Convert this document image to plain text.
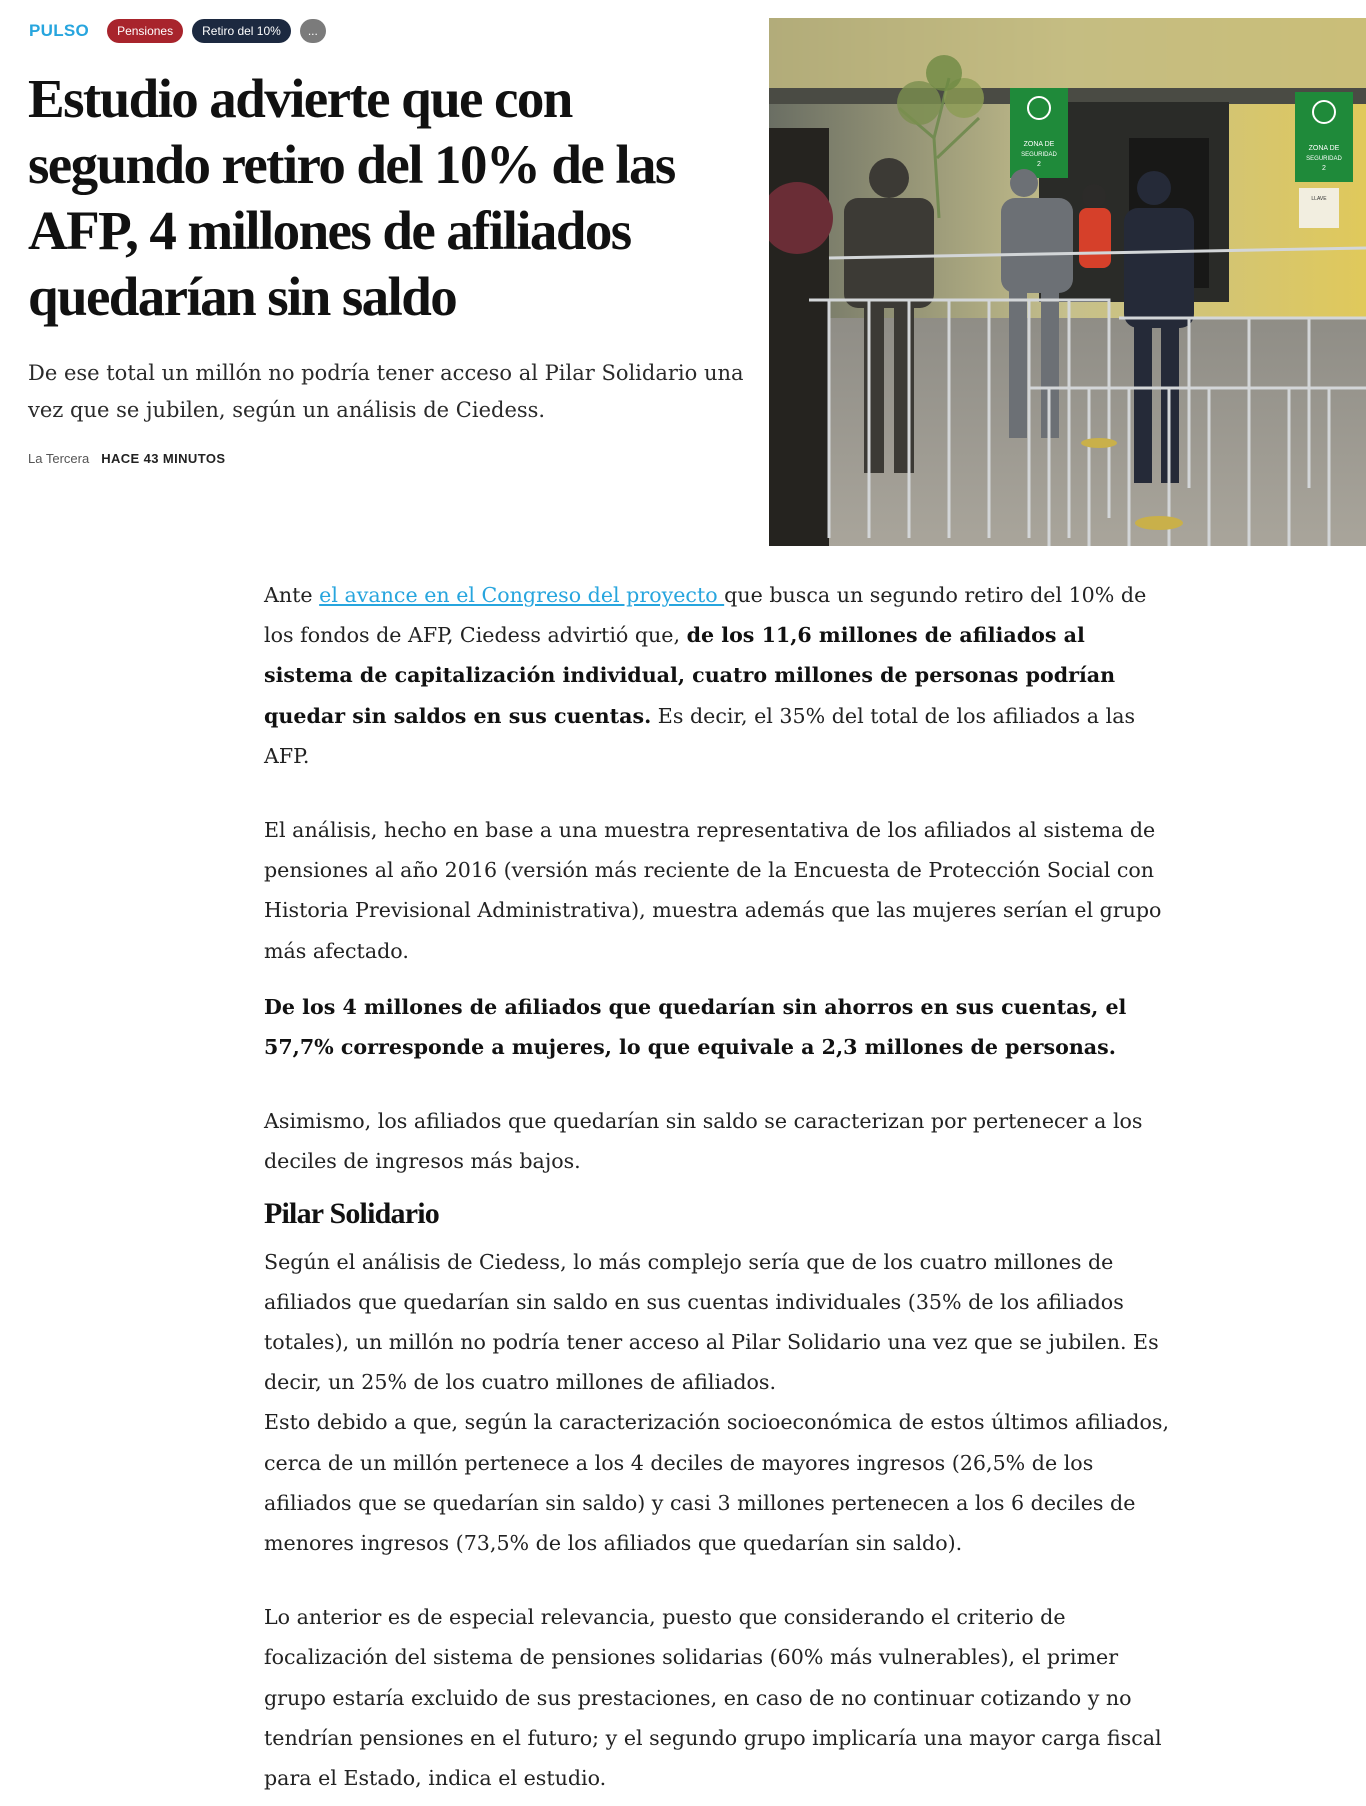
PULSO	Pensiones	Retiro del 10%	...
Estudio advierte que con segundo retiro del 10% de las AFP, 4 millones de afiliados quedarían sin saldo

De ese total un millón no podría tener acceso al Pilar Solidario una vez que se jubilen, según un análisis de Ciedess.

La Tercera HACE 43 MINUTOS
ZONA DE
SEGURIDAD
2
ZONA DE
SEGURIDAD
2
LLAVE

Ante el avance en el Congreso del proyecto que busca un segundo retiro del 10% de los fondos de AFP, Ciedess advirtió que, de los 11,6 millones de afiliados al sistema de capitalización individual, cuatro millones de personas podrían quedar sin saldos en sus cuentas. Es decir, el 35% del total de los afiliados a las AFP.

El análisis, hecho en base a una muestra representativa de los afiliados al sistema de pensiones al año 2016 (versión más reciente de la Encuesta de Protección Social con Historia Previsional Administrativa), muestra además que las mujeres serían el grupo más afectado.

De los 4 millones de afiliados que quedarían sin ahorros en sus cuentas, el 57,7% corresponde a mujeres, lo que equivale a 2,3 millones de personas.

Asimismo, los afiliados que quedarían sin saldo se caracterizan por pertenecer a los deciles de ingresos más bajos.

Pilar Solidario

Según el análisis de Ciedess, lo más complejo sería que de los cuatro millones de afiliados que quedarían sin saldo en sus cuentas individuales (35% de los afiliados totales), un millón no podría tener acceso al Pilar Solidario una vez que se jubilen. Es decir, un 25% de los cuatro millones de afiliados.

Esto debido a que, según la caracterización socioeconómica de estos últimos afiliados, cerca de un millón pertenece a los 4 deciles de mayores ingresos (26,5% de los afiliados que se quedarían sin saldo) y casi 3 millones pertenecen a los 6 deciles de menores ingresos (73,5% de los afiliados que quedarían sin saldo).

Lo anterior es de especial relevancia, puesto que considerando el criterio de focalización del sistema de pensiones solidarias (60% más vulnerables), el primer grupo estaría excluido de sus prestaciones, en caso de no continuar cotizando y no tendrían pensiones en el futuro; y el segundo grupo implicaría una mayor carga fiscal para el Estado, indica el estudio.
